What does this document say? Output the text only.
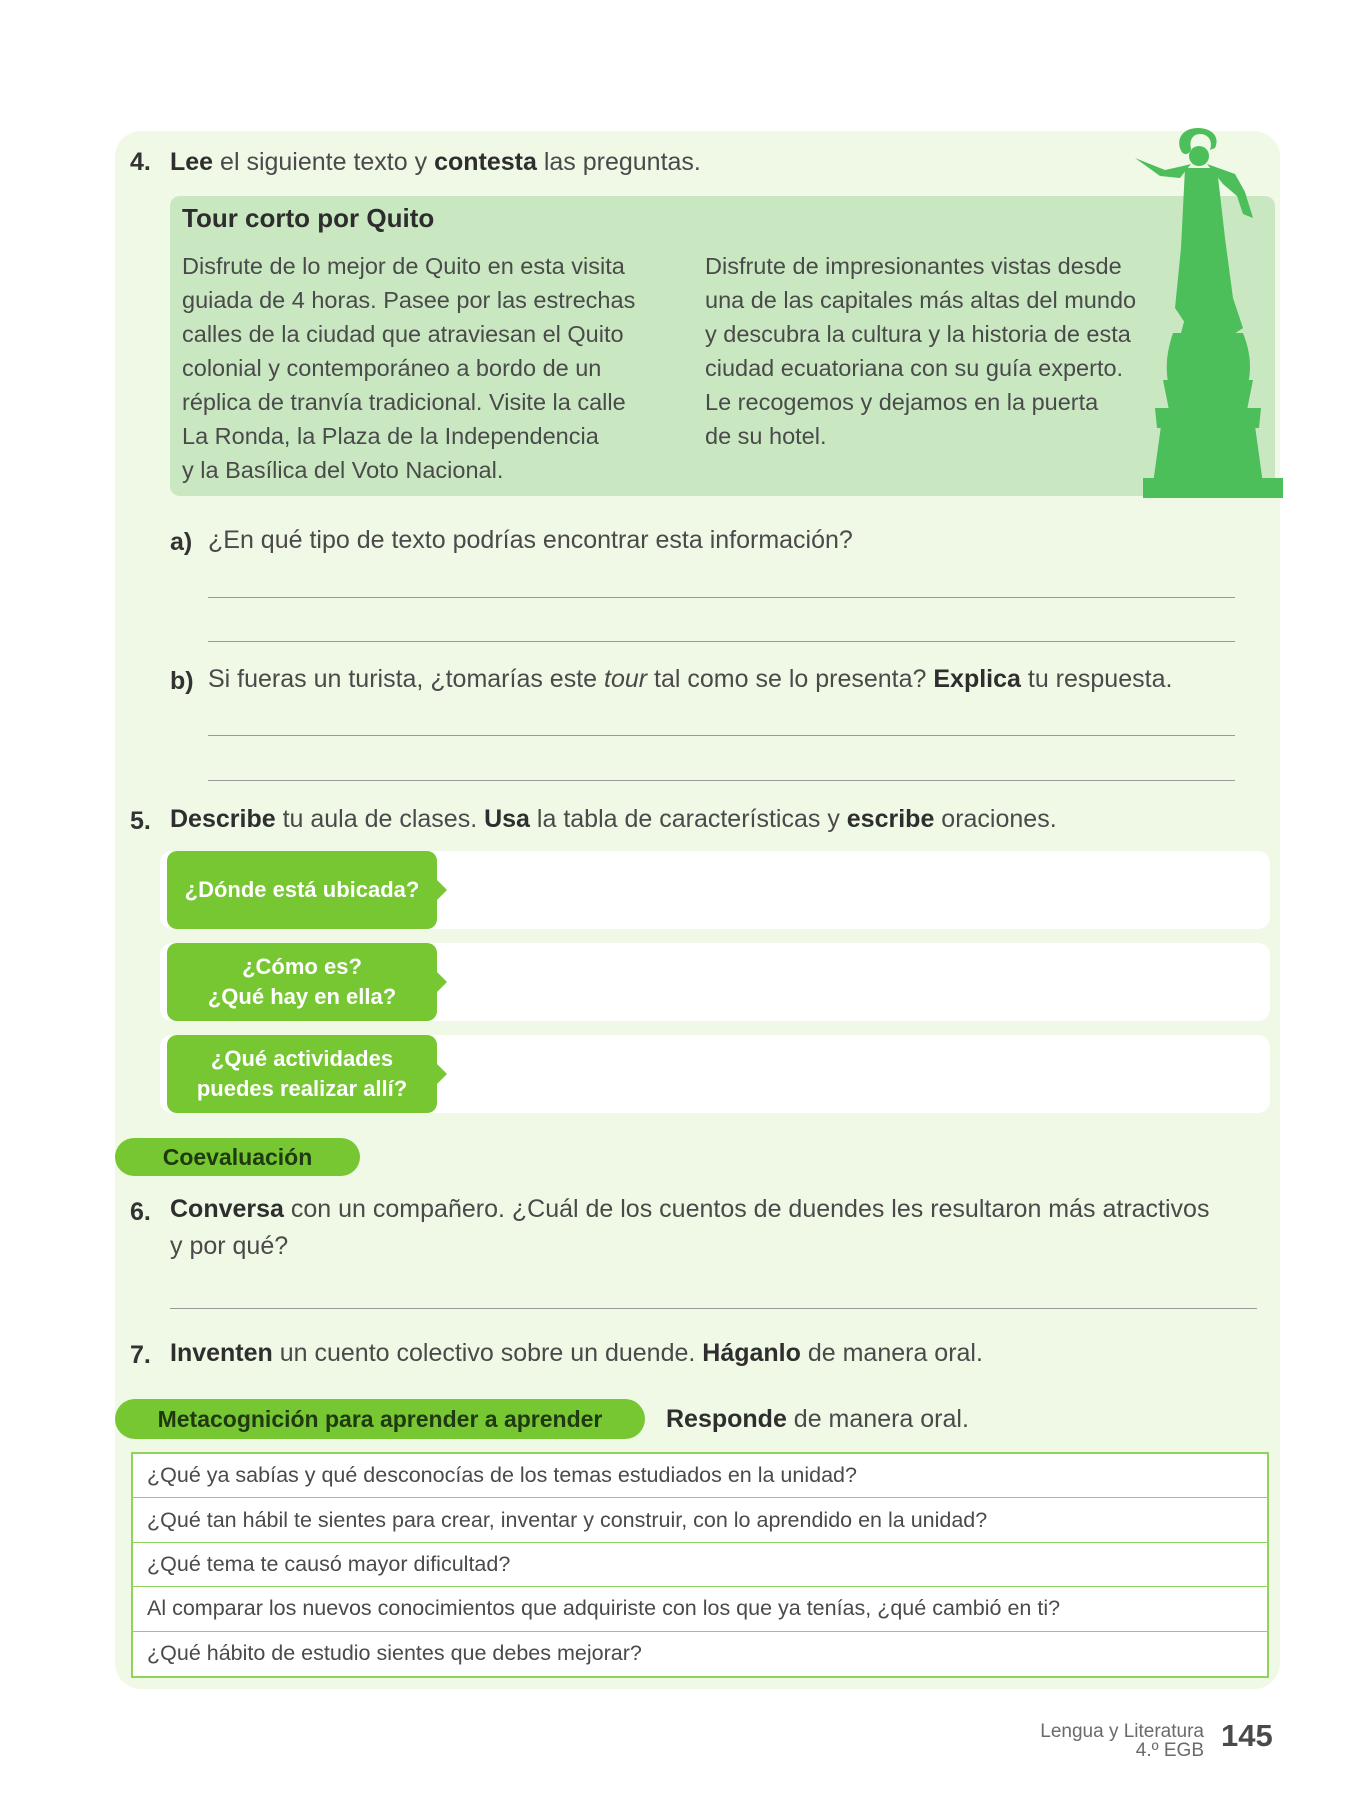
4. Lee el siguiente texto y contesta las preguntas.
Tour corto por Quito
Disfrute de lo mejor de Quito en esta visita
guiada de 4 horas. Pasee por las estrechas
calles de la ciudad que atraviesan el Quito
colonial y contemporáneo a bordo de un
réplica de tranvía tradicional. Visite la calle
La Ronda, la Plaza de la Independencia
y la Basílica del Voto Nacional.
Disfrute de impresionantes vistas desde
una de las capitales más altas del mundo
y descubra la cultura y la historia de esta
ciudad ecuatoriana con su guía experto.
Le recogemos y dejamos en la puerta
de su hotel.
a) ¿En qué tipo de texto podrías encontrar esta información?
b) Si fueras un turista, ¿tomarías este tour tal como se lo presenta? Explica tu respuesta.
5. Describe tu aula de clases. Usa la tabla de características y escribe oraciones.
¿Dónde está ubicada?
¿Cómo es?
¿Qué hay en ella?
¿Qué actividades
puedes realizar allí?
Coevaluación
6. Conversa con un compañero. ¿Cuál de los cuentos de duendes les resultaron más atractivos
y por qué?
7. Inventen un cuento colectivo sobre un duende. Háganlo de manera oral.
Metacognición para aprender a aprender	Responde de manera oral.
¿Qué ya sabías y qué desconocías de los temas estudiados en la unidad?
¿Qué tan hábil te sientes para crear, inventar y construir, con lo aprendido en la unidad?
¿Qué tema te causó mayor dificultad?
Al comparar los nuevos conocimientos que adquiriste con los que ya tenías, ¿qué cambió en ti?
¿Qué hábito de estudio sientes que debes mejorar?
Lengua y Literatura
4.º EGB 145
